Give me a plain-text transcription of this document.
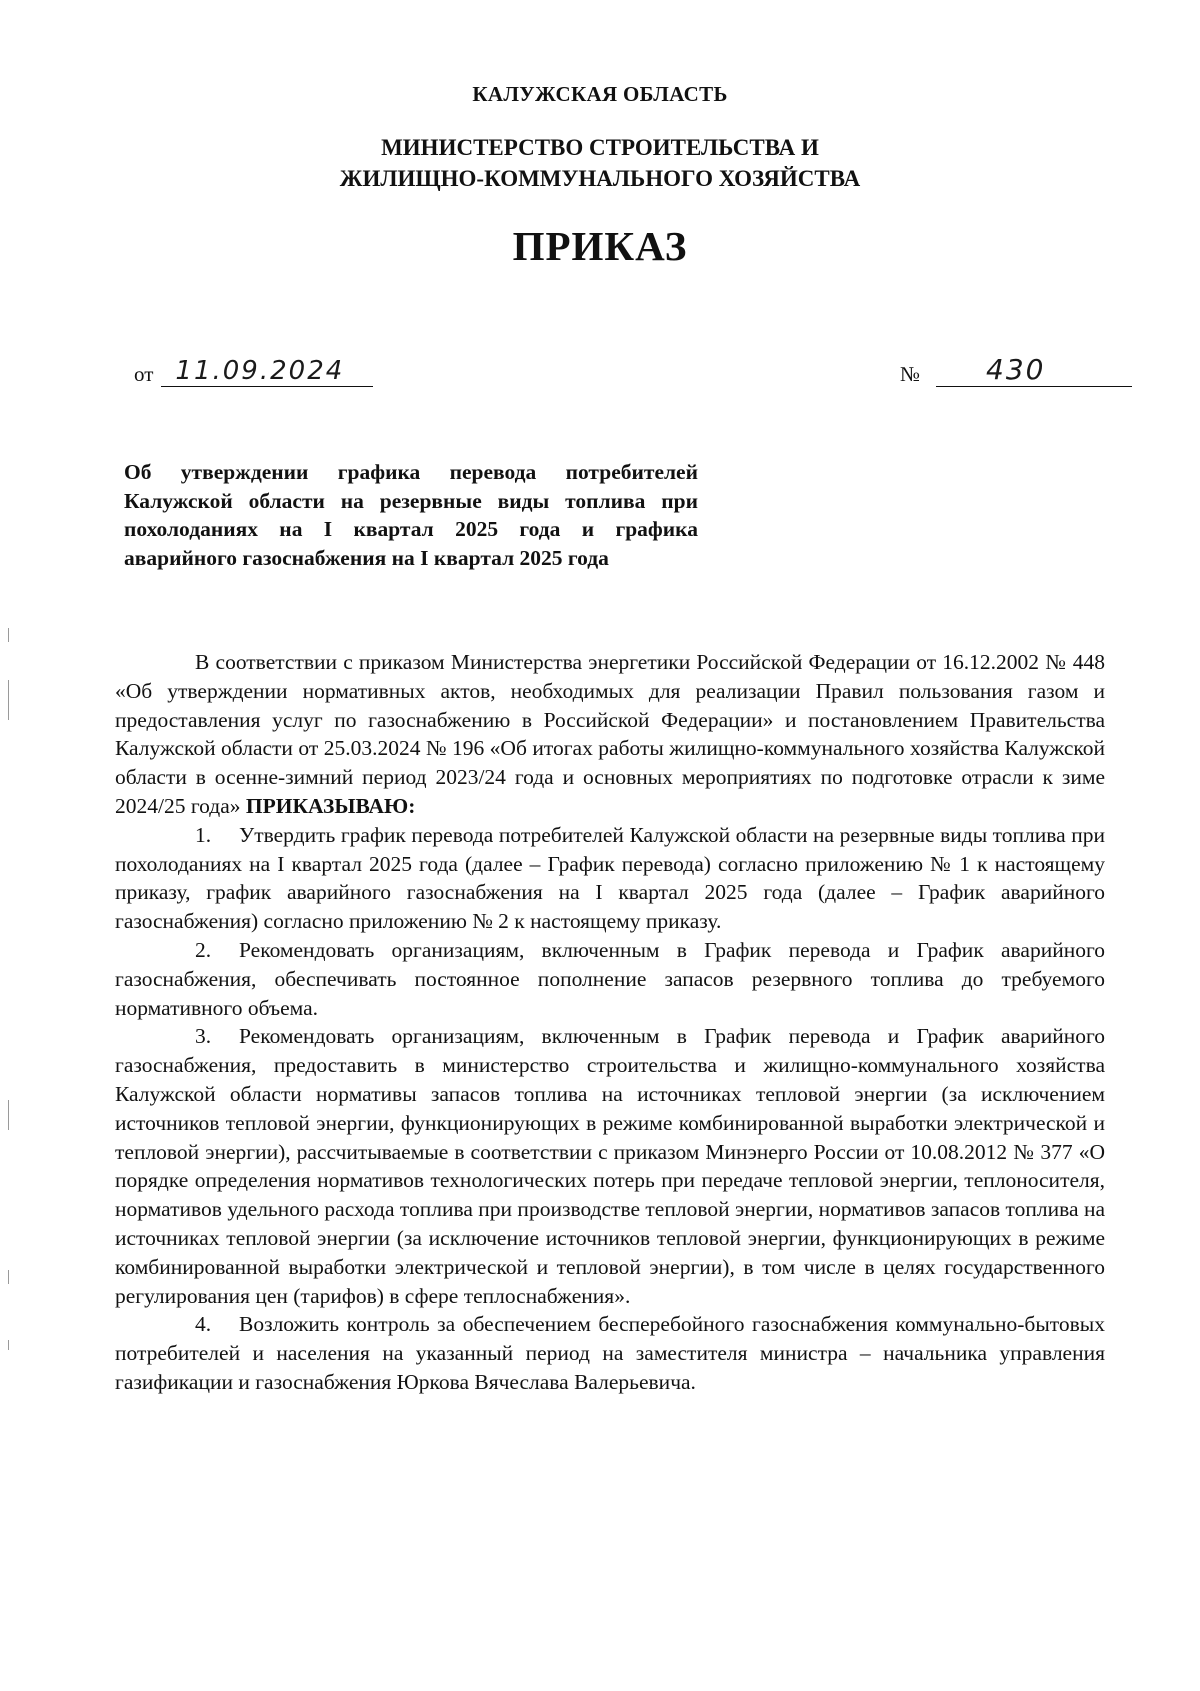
КАЛУЖСКАЯ ОБЛАСТЬ
МИНИСТЕРСТВО СТРОИТЕЛЬСТВА И
ЖИЛИЩНО-КОММУНАЛЬНОГО ХОЗЯЙСТВА
ПРИКАЗ
от 11.09.2024	№ 430
Об утверждении графика перевода потребителей Калужской области на резервные виды топлива при похолоданиях на I квартал 2025 года и графика аварийного газоснабжения на I квартал 2025 года

В соответствии с приказом Министерства энергетики Российской Федерации от 16.12.2002 № 448 «Об утверждении нормативных актов, необходимых для реализации Правил пользования газом и предоставления услуг по газоснабжению в Российской Федерации» и постановлением Правительства Калужской области от 25.03.2024 № 196 «Об итогах работы жилищно-коммунального хозяйства Калужской области в осенне-зимний период 2023/24 года и основных мероприятиях по подготовке отрасли к зиме 2024/25 года» ПРИКАЗЫВАЮ:

1. Утвердить график перевода потребителей Калужской области на резервные виды топлива при похолоданиях на I квартал 2025 года (далее – График перевода) согласно приложению № 1 к настоящему приказу, график аварийного газоснабжения на I квартал 2025 года (далее – График аварийного газоснабжения) согласно приложению № 2 к настоящему приказу.

2. Рекомендовать организациям, включенным в График перевода и График аварийного газоснабжения, обеспечивать постоянное пополнение запасов резервного топлива до требуемого нормативного объема.

3. Рекомендовать организациям, включенным в График перевода и График аварийного газоснабжения, предоставить в министерство строительства и жилищно-коммунального хозяйства Калужской области нормативы запасов топлива на источниках тепловой энергии (за исключением источников тепловой энергии, функционирующих в режиме комбинированной выработки электрической и тепловой энергии), рассчитываемые в соответствии с приказом Минэнерго России от 10.08.2012 № 377 «О порядке определения нормативов технологических потерь при передаче тепловой энергии, теплоносителя, нормативов удельного расхода топлива при производстве тепловой энергии, нормативов запасов топлива на источниках тепловой энергии (за исключение источников тепловой энергии, функционирующих в режиме комбинированной выработки электрической и тепловой энергии), в том числе в целях государственного регулирования цен (тарифов) в сфере теплоснабжения».

4. Возложить контроль за обеспечением бесперебойного газоснабжения коммунально-бытовых потребителей и населения на указанный период на заместителя министра – начальника управления газификации и газоснабжения Юркова Вячеслава Валерьевича.
